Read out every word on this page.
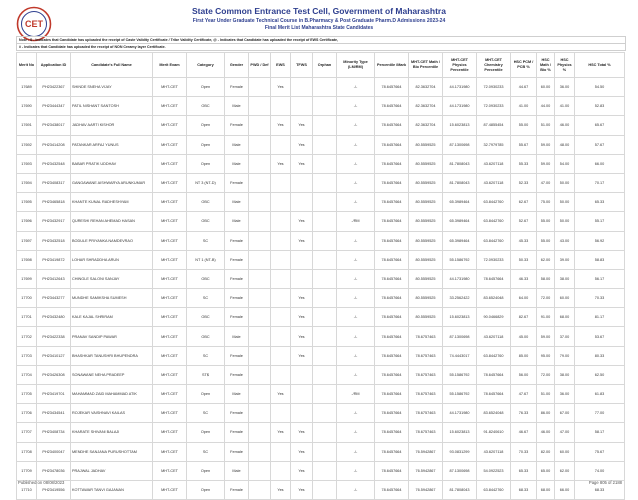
CET
State Common Entrance Test Cell, Government of Maharashtra
First Year Under Graduate Technical Course in B.Pharmacy & Post Graduate Pharm.D Admissions 2023-24
Final Merit List Maharashtra State Candidates
Note : $ - Indicates that Candidate has uploaded the receipt of Caste Validity Certificate / Tribe Validity Certificate, @ - Indicates that Candidate has uploaded the receipt of EWS Certificate,
# - Indicates that Candidate has uploaded the receipt of NON Creamy layer Certificate.
Merit No	Application ID	Candidate's Full Name	Merit Exam	Category	Gender	PWD / Def	EWS	TFWS	Orphan	Minority Type (LM/RM)	Percentile /Mark	MHT-CET Math / Bio Percentile	MHT-CET Physics Percentile	MHT-CET Chemistry Percentile	HSC PCM / PCB %	HSC Math / Bio %	HSC Physics %	HSC Total %
17689	PH23422367	SHINDE SNEHA VIJAY	MHT-CET	Open	Female		Yes			-/-	78.6457664	82.3632704	44.1731980	72.0930233	44.67	60.00	36.00	54.50
17690	PH23444347	PATIL NISHANT SANTOSH	MHT-CET	OBC	Male					-/-	78.6457664	82.3632704	44.1731980	72.0930233	41.00	44.00	41.00	52.83
17691	PH23438017	JADHAV AARTI KISHOR	MHT-CET	Open	Female		Yes	Yes		-/-	78.6457664	82.3632704	15.6023813	87.4855454	55.00	51.00	46.00	65.67
17692	PH23414208	PATANKAR ARFAJ YUNUS	MHT-CET	Open	Male			Yes		-/-	78.6457664	80.5559525	87.1300698	32.7979785	55.67	59.00	48.00	57.67
17693	PH23432548	BABAR PRATIK UDDHAV	MHT-CET	Open	Male		Yes	Yes		-/-	78.6457664	80.5559525	81.7808043	43.6207118	55.33	59.00	54.00	66.00
17694	PH23408317	GANGAWANE AISHWARYA ARUNKUMAR	MHT-CET	NT 3 (NT-D)	Female					-/-	78.6457664	80.5559525	81.7808043	43.6207118	52.33	47.00	50.00	70.17
17695	PH23465818	KHANTE KUNAL RADHESHYAM	MHT-CET	OBC	Male					-/-	78.6457664	80.5559525	65.3989464	63.8442760	62.67	75.00	50.00	65.33
17696	PH23432917	QURESHI REHAN AHEMAD HASAN	MHT-CET	OBC	Male			Yes		-/RM	78.6457664	80.5559525	65.3989464	63.8442760	52.67	55.00	50.00	55.17
17697	PH23432518	BODULE PRIYANKA NAMDEVRAO	MHT-CET	SC	Female			Yes		-/-	78.6457664	80.5559525	65.3989464	63.8442760	45.33	55.00	43.00	56.92
17698	PH23419872	LOHAR SHRADDHA ARUN	MHT-CET	NT 1 (NT-B)	Female					-/-	78.6457664	80.5559525	55.1586792	72.0930233	50.33	62.00	39.00	58.83
17699	PH23412643	CHINGLE SALONI SANJAY	MHT-CET	OBC	Female					-/-	78.6457664	80.5559525	44.1731980	78.6457664	46.33	58.00	38.00	56.17
17700	PH23443277	MUNDHE SAMIKSHA SUMESH	MHT-CET	SC	Female			Yes		-/-	78.6457664	80.5559525	33.2562422	83.6524048	64.00	72.00	60.00	70.33
17701	PH23432480	KALE KAJAL SHRIRAM	MHT-CET	OBC	Female			Yes		-/-	78.6457664	80.5559525	15.6023813	90.0466829	82.67	91.00	68.00	81.17
17702	PH23422338	PRANAV SANDIP PAWAR	MHT-CET	OBC	Male			Yes		-/-	78.6457664	78.6757463	87.1300698	43.6207118	45.00	59.00	37.00	53.67
17703	PH23410127	BHASHKAR TANUSHRI BHUPENDRA	MHT-CET	SC	Female			Yes		-/-	78.6457664	78.6757463	74.4443017	63.8442760	85.00	95.00	79.00	80.33
17704	PH23426308	SONAWANE NEHA PRADEEP	MHT-CET	ST$	Female					-/-	78.6457664	78.6757463	55.1586792	78.6457664	56.00	72.00	38.00	62.50
17705	PH23419701	MAHAMMAD ZAID MAHAMMAD ATIK	MHT-CET	Open	Male		Yes			-/RM	78.6457664	78.6757463	55.1586792	78.6457664	47.67	51.00	36.00	61.83
17706	PH23434541	ROJEKAR VAISHNAVI KAILAS	MHT-CET	SC	Female					-/-	78.6457664	78.6757463	44.1731980	83.6524048	76.33	86.00	67.00	77.00
17707	PH23408734	KHARATE SHIVANI BALAJI	MHT-CET	Open	Female		Yes	Yes		-/-	78.6457664	78.6757463	15.6023813	91.8240610	46.67	46.00	47.00	58.17
17708	PH23400047	MENDHE SANJANA PURUSHOTTAM	MHT-CET	SC	Female			Yes		-/-	78.6457664	76.5942867	93.0831299	43.6207118	70.33	82.00	60.00	75.67
17709	PH23478036	PRAJWAL JADHAV	MHT-CET	Open	Male			Yes		-/-	78.6457664	76.5942867	87.1300698	54.0922523	65.33	65.00	62.00	74.00
17710	PH23419556	KOTTAWAR TANVI GAJANAN	MHT-CET	Open	Female		Yes	Yes		-/-	78.6457664	76.5942867	81.7808043	63.8442760	68.33	68.00	66.00	68.33
Published on 08/08/2023	Page 805 of 2188
